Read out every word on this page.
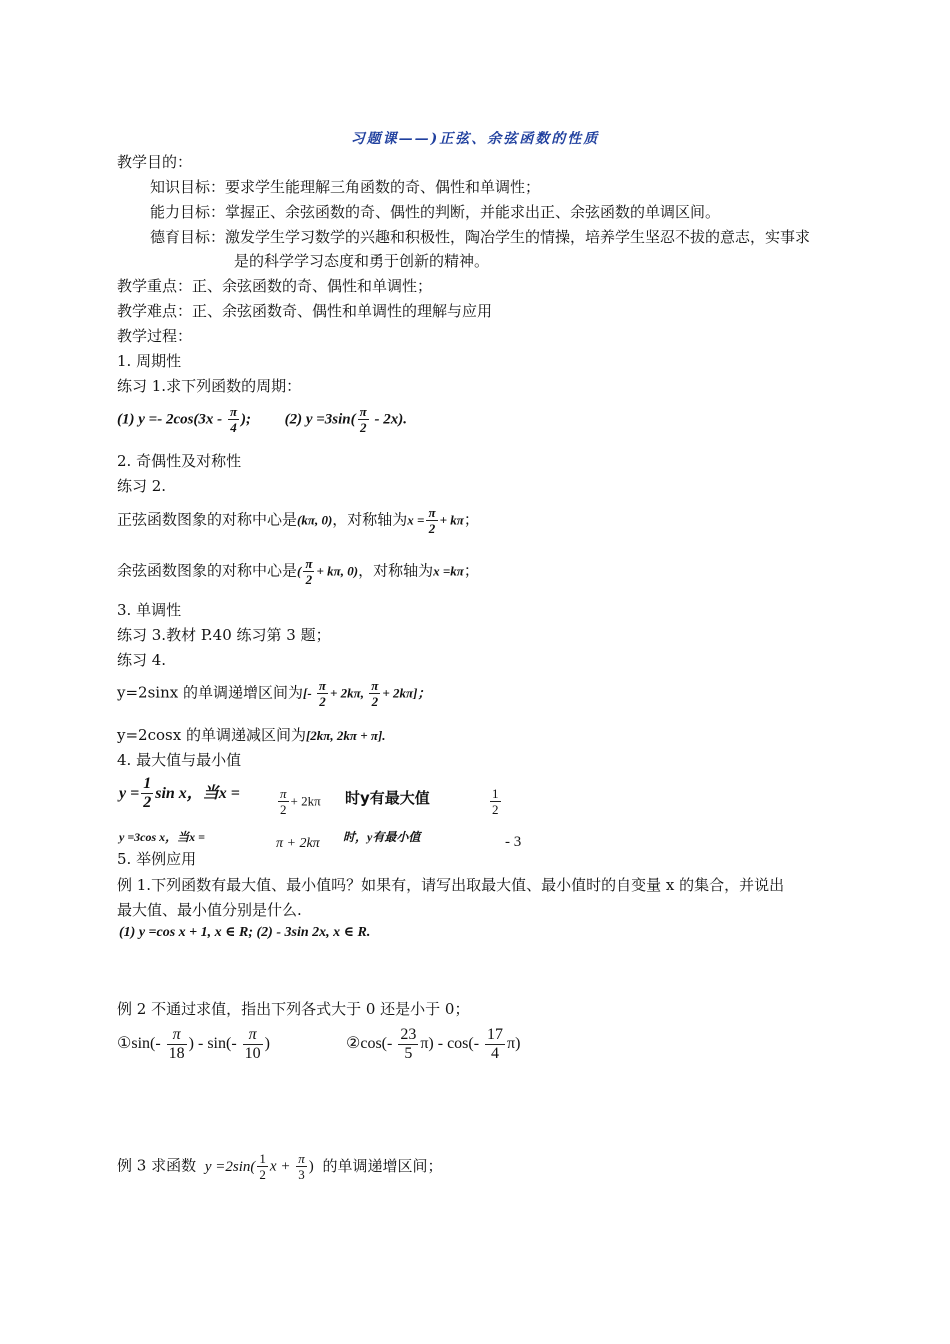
习题课——)正弦、余弦函数的性质
教学目的：
知识目标：要求学生能理解三角函数的奇、偶性和单调性；
能力目标：掌握正、余弦函数的奇、偶性的判断，并能求出正、余弦函数的单调区间。
德育目标：激发学生学习数学的兴趣和积极性，陶冶学生的情操，培养学生坚忍不拔的意志，实事求
是的科学学习态度和勇于创新的精神。
教学重点：正、余弦函数的奇、偶性和单调性；
教学难点：正、余弦函数奇、偶性和单调性的理解与应用
教学过程：
1. 周期性
练习 1.求下列函数的周期：
(1) $y =- 2\cos(3x - \frac{\pi}{4}$ ); (2) $y =3\sin( \frac{\pi}{2} - 2x)$.
2. 奇偶性及对称性
练习 2.
正弦函数图象的对称中心是(kπ, 0)，对称轴为$x = \frac{\pi}{2} + k\pi$；
余弦函数图象的对称中心是( $\frac{\pi}{2} + k\pi$, 0)，对称轴为x =kπ；
3. 单调性
练习 3.教材 P.40 练习第 3 题；
练习 4.
y=2sinx 的单调递增区间为[- $\frac{\pi}{2} + 2k\pi$, $\frac{\pi}{2} + 2k\pi$]；
y=2cosx 的单调递减区间为[2kπ, 2kπ + π].
4. 最大值与最小值
$y = \frac{1}{2}$ sin x，当x =	$\frac{\pi}{2} + 2k\pi$ 时y有最大值	$\frac{1}{2}$
y =3cos x，当x =	π + 2kπ 时，y有最小值	- 3
5. 举例应用
例 1.下列函数有最大值、最小值吗？如果有，请写出取最大值、最小值时的自变量 x 的集合，并说出
最大值、最小值分别是什么.
(1) y =cos x + 1, x ∈ R; (2) - 3sin 2x, x ∈ R.
例 2 不通过求值，指出下列各式大于 0 还是小于 0；
①sin(- $\frac{\pi}{18}$ ) - $\sin(- \frac{\pi}{10}$ )	②cos(- $\frac{23}{5} \pi) - \cos(- \frac{17}{4} \pi)$
例 3 求函数 $y =2\sin( \frac{1}{2}$ $x + \frac{\pi}{3}$ ) 的单调递增区间；
